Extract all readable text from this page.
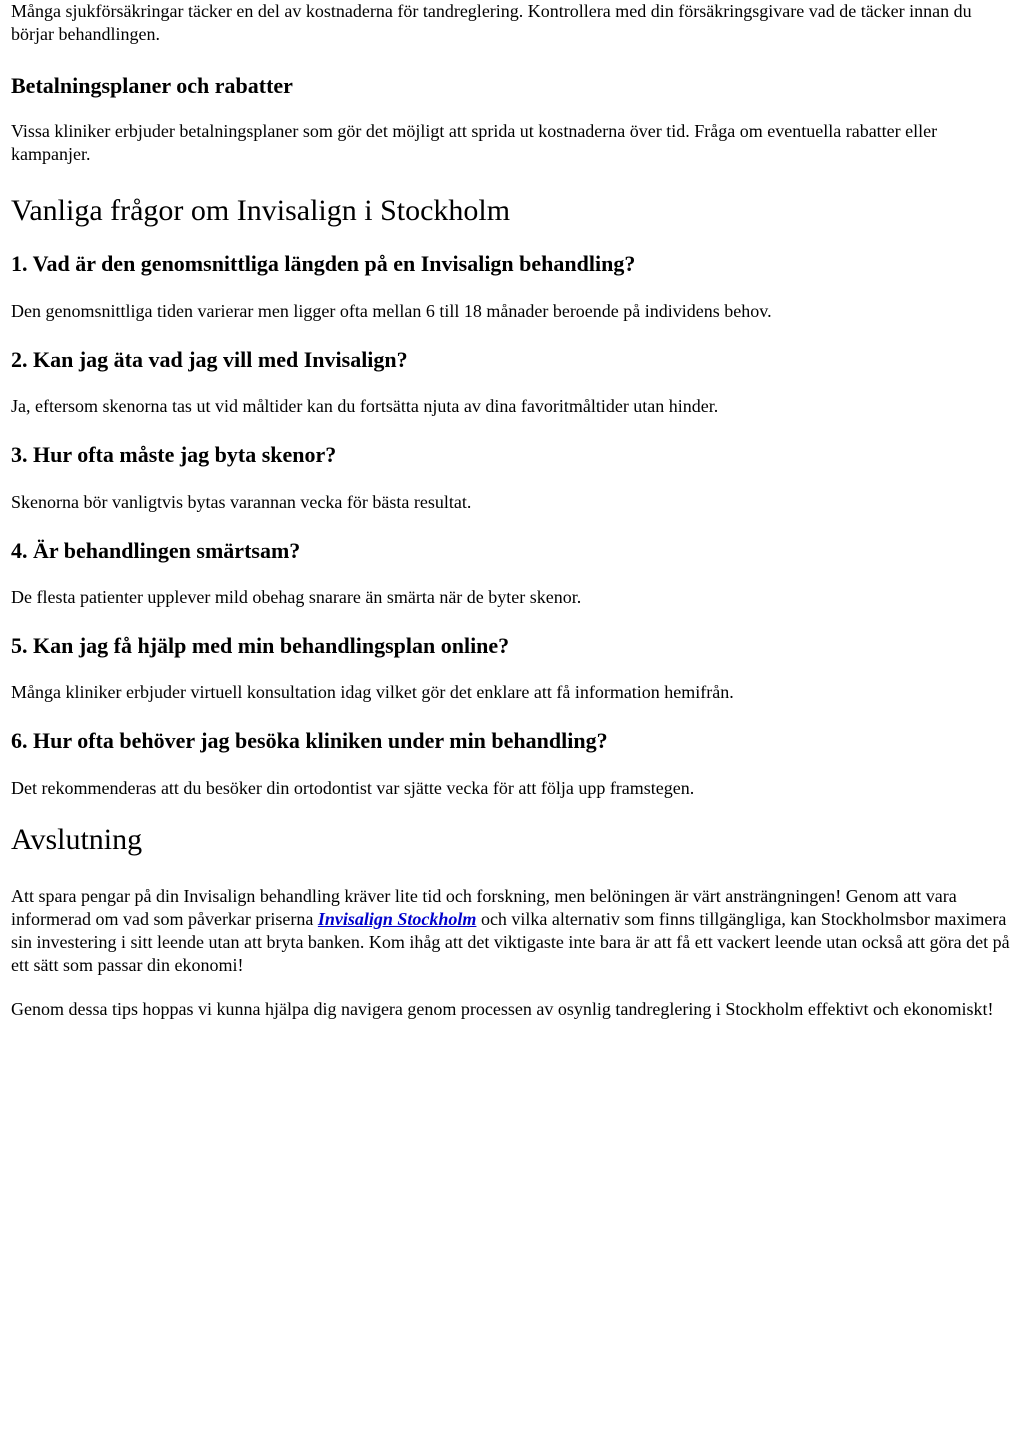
Många sjukförsäkringar täcker en del av kostnaderna för tandreglering. Kontrollera med din försäkringsgivare vad de täcker innan du börjar behandlingen.

Betalningsplaner och rabatter

Vissa kliniker erbjuder betalningsplaner som gör det möjligt att sprida ut kostnaderna över tid. Fråga om eventuella rabatter eller kampanjer.

Vanliga frågor om Invisalign i Stockholm
1. Vad är den genomsnittliga längden på en Invisalign behandling?

Den genomsnittliga tiden varierar men ligger ofta mellan 6 till 18 månader beroende på individens behov.

2. Kan jag äta vad jag vill med Invisalign?

Ja, eftersom skenorna tas ut vid måltider kan du fortsätta njuta av dina favoritmåltider utan hinder.

3. Hur ofta måste jag byta skenor?

Skenorna bör vanligtvis bytas varannan vecka för bästa resultat.

4. Är behandlingen smärtsam?

De flesta patienter upplever mild obehag snarare än smärta när de byter skenor.

5. Kan jag få hjälp med min behandlingsplan online?

Många kliniker erbjuder virtuell konsultation idag vilket gör det enklare att få information hemifrån.

6. Hur ofta behöver jag besöka kliniken under min behandling?

Det rekommenderas att du besöker din ortodontist var sjätte vecka för att följa upp framstegen.

Avslutning

Att spara pengar på din Invisalign behandling kräver lite tid och forskning, men belöningen är värt ansträngningen! Genom att vara informerad om vad som påverkar priserna Invisalign Stockholm och vilka alternativ som finns tillgängliga, kan Stockholmsbor maximera sin investering i sitt leende utan att bryta banken. Kom ihåg att det viktigaste inte bara är att få ett vackert leende utan också att göra det på ett sätt som passar din ekonomi!

Genom dessa tips hoppas vi kunna hjälpa dig navigera genom processen av osynlig tandreglering i Stockholm effektivt och ekonomiskt!
